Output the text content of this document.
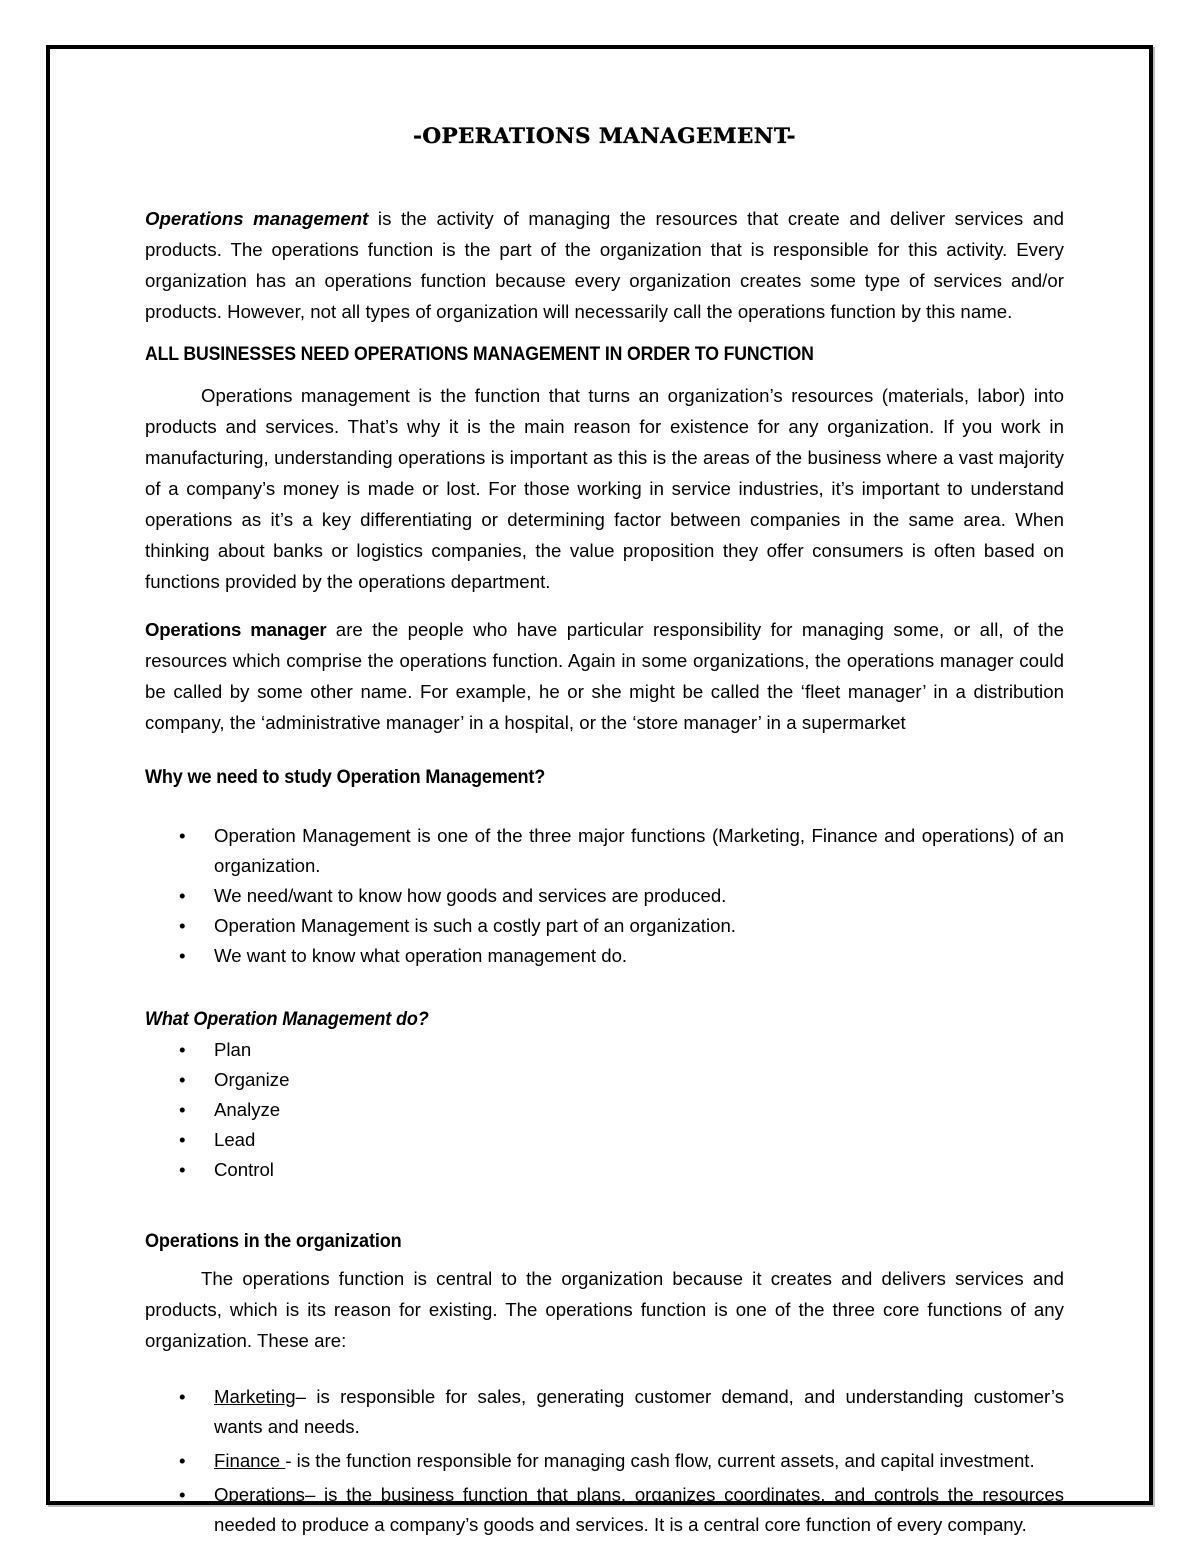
-OPERATIONS MANAGEMENT-

Operations management is the activity of managing the resources that create and deliver services and products. The operations function is the part of the organization that is responsible for this activity. Every organization has an operations function because every organization creates some type of services and/or products. However, not all types of organization will necessarily call the operations function by this name.

ALL BUSINESSES NEED OPERATIONS MANAGEMENT IN ORDER TO FUNCTION

Operations management is the function that turns an organization’s resources (materials, labor) into products and services. That’s why it is the main reason for existence for any organization. If you work in manufacturing, understanding operations is important as this is the areas of the business where a vast majority of a company’s money is made or lost. For those working in service industries, it’s important to understand operations as it’s a key differentiating or determining factor between companies in the same area. When thinking about banks or logistics companies, the value proposition they offer consumers is often based on functions provided by the operations department.

Operations manager are the people who have particular responsibility for managing some, or all, of the resources which comprise the operations function. Again in some organizations, the operations manager could be called by some other name. For example, he or she might be called the ‘fleet manager’ in a distribution company, the ‘administrative manager’ in a hospital, or the ‘store manager’ in a supermarket

Why we need to study Operation Management?
• Operation Management is one of the three major functions (Marketing, Finance and operations) of an organization.
• We need/want to know how goods and services are produced.
• Operation Management is such a costly part of an organization.
• We want to know what operation management do.
What Operation Management do?
• Plan
• Organize
• Analyze
• Lead
• Control
Operations in the organization

The operations function is central to the organization because it creates and delivers services and products, which is its reason for existing. The operations function is one of the three core functions of any organization. These are:

• Marketing– is responsible for sales, generating customer demand, and understanding customer’s wants and needs.
• Finance - is the function responsible for managing cash flow, current assets, and capital investment.
• Operations– is the business function that plans, organizes coordinates, and controls the resources needed to produce a company’s goods and services. It is a central core function of every company.
